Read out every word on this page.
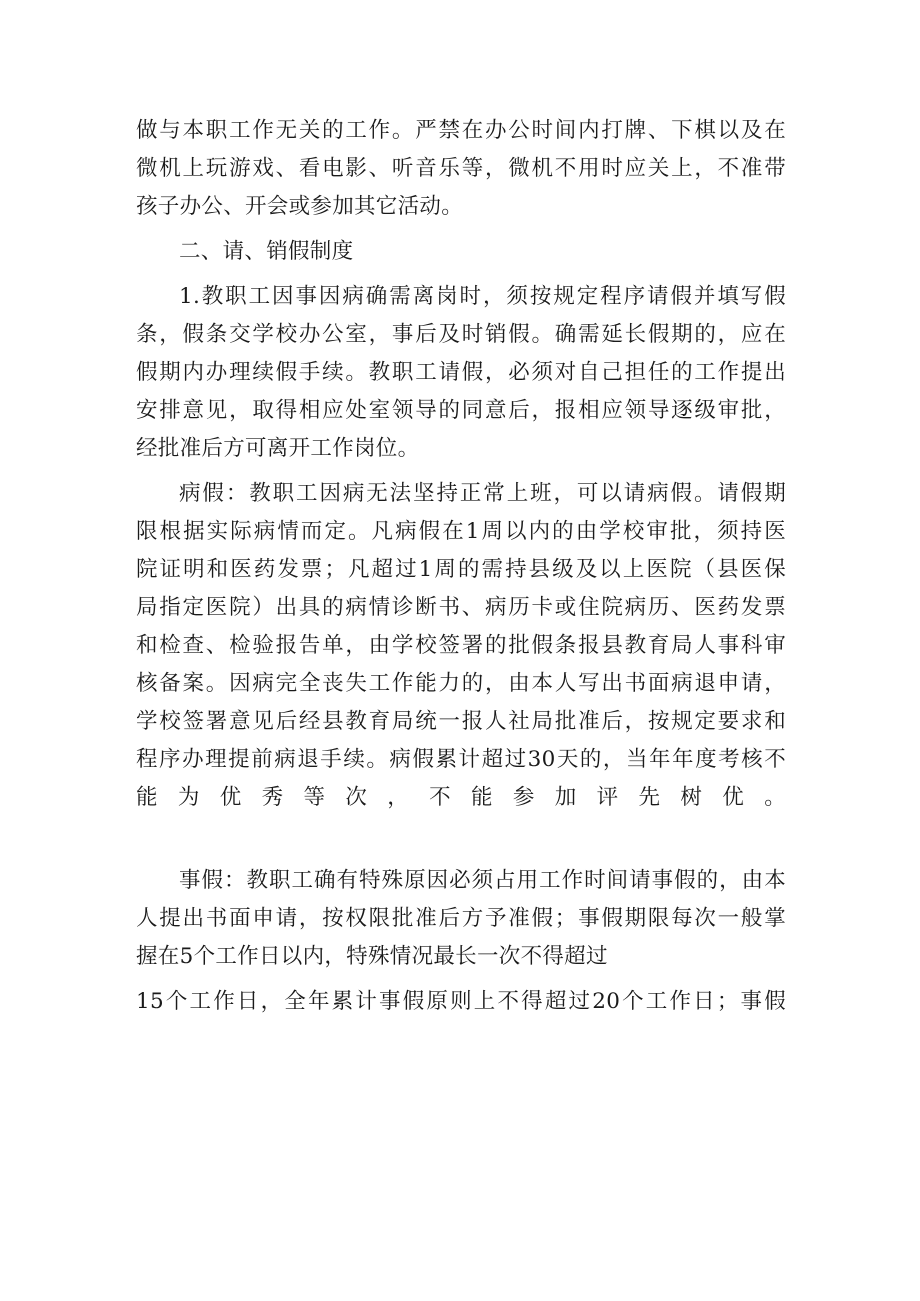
做与本职工作无关的工作。严禁在办公时间内打牌、下棋以及在
微机上玩游戏、看电影、听音乐等，微机不用时应关上，不准带
孩子办公、开会或参加其它活动。
二、请、销假制度
1.教职工因事因病确需离岗时，须按规定程序请假并填写假
条，假条交学校办公室，事后及时销假。确需延长假期的，应在
假期内办理续假手续。教职工请假，必须对自己担任的工作提出
安排意见，取得相应处室领导的同意后，报相应领导逐级审批，
经批准后方可离开工作岗位。
病假：教职工因病无法坚持正常上班，可以请病假。请假期
限根据实际病情而定。凡病假在1周以内的由学校审批，须持医
院证明和医药发票；凡超过1周的需持县级及以上医院（县医保
局指定医院）出具的病情诊断书、病历卡或住院病历、医药发票
和检查、检验报告单，由学校签署的批假条报县教育局人事科审
核备案。因病完全丧失工作能力的，由本人写出书面病退申请，
学校签署意见后经县教育局统一报人社局批准后，按规定要求和
程序办理提前病退手续。病假累计超过30天的，当年年度考核不
能为优秀等次，不能参加评先树优。
事假：教职工确有特殊原因必须占用工作时间请事假的，由本
人提出书面申请，按权限批准后方予准假；事假期限每次一般掌
握在5个工作日以内，特殊情况最长一次不得超过
15个工作日，全年累计事假原则上不得超过20个工作日；事假
